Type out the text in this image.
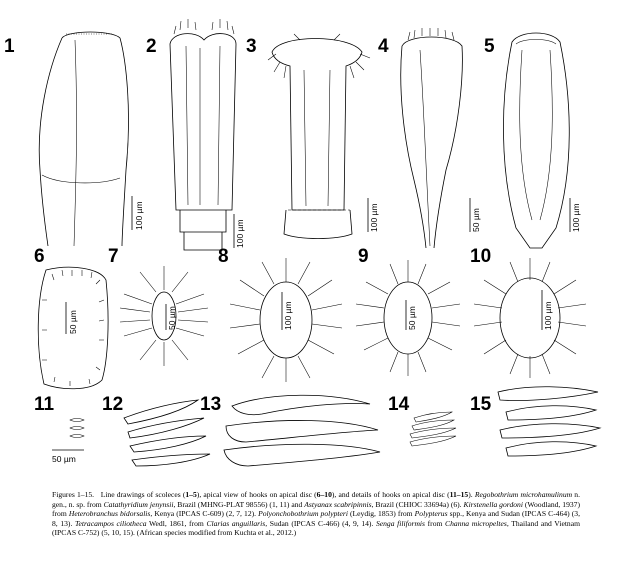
1	2	3	4	5
6	7	8	9	10
11	12	13	14	15
100 µm
100 µm
100 µm	50 µm	100 µm
50 µm	50 µm	100 µm	50 µm	100 µm
50 µm
Figures 1–15. Line drawings of scoleces (1–5), apical view of hooks on apical disc (6–10), and details of hooks on apical disc (11–15). Regobothrium microhamulinum n. gen., n. sp. from Catathyridium jenynsii, Brazil (MHNG-PLAT 98556) (1, 11) and Astyanax scabripinnis, Brazil (CHIOC 33694a) (6). Kirstenella gordoni (Woodland, 1937) from Heterobranchus bidorsalis, Kenya (IPCAS C-609) (2, 7, 12). Polyonchobothrium polypteri (Leydig, 1853) from Polypterus spp., Kenya and Sudan (IPCAS C-464) (3, 8, 13). Tetracampos ciliotheca Wedl, 1861, from Clarias anguillaris, Sudan (IPCAS C-466) (4, 9, 14). Senga filiformis from Channa micropeltes, Thailand and Vietnam (IPCAS C-752) (5, 10, 15). (African species modified from Kuchta et al., 2012.)
